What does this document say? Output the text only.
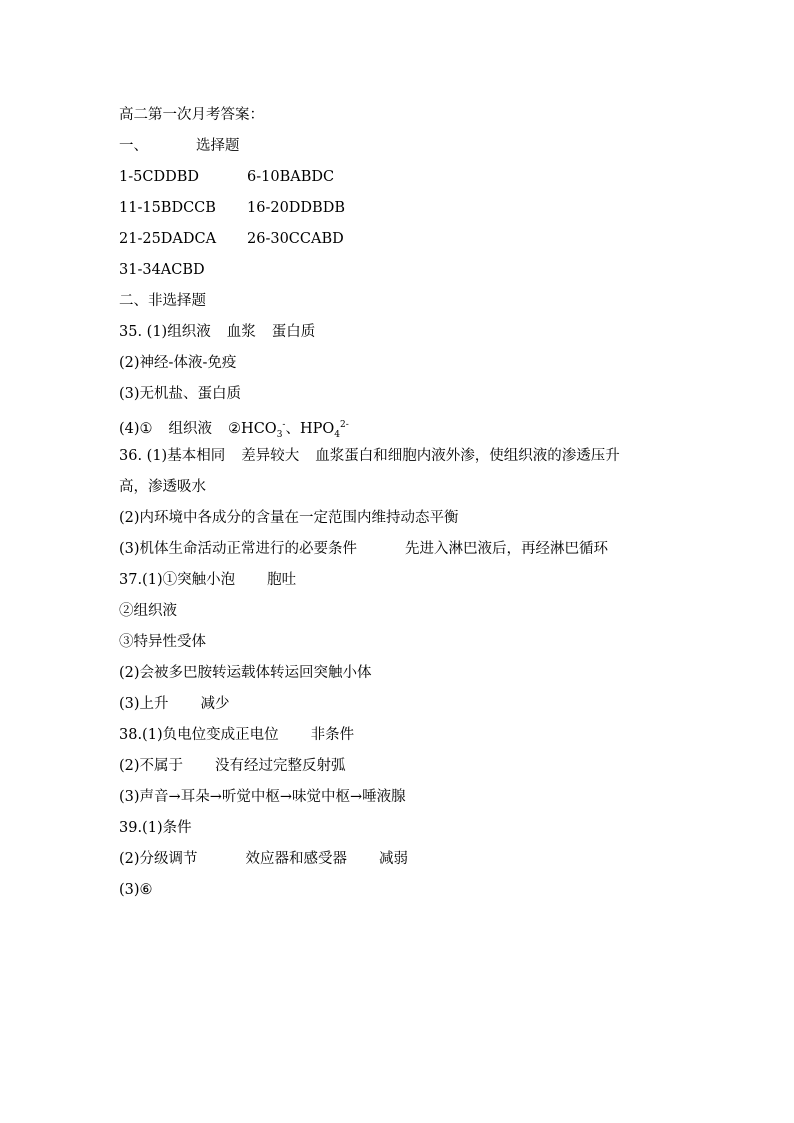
高二第一次月考答案：
一、	选择题
1-5CDDBD	6-10BABDC
11-15BDCCB 16-20DDBDB
21-25DADCA 26-30CCABD
31-34ACBD
二、非选择题
35. (1)组织液 血浆 蛋白质
(2)神经-体液-免疫
(3)无机盐、蛋白质
(4)① 组织液 $②HCO_3^-$、$HPO_4^{2-}$
36. (1)基本相同 差异较大 血浆蛋白和细胞内液外渗，使组织液的渗透压升
高，渗透吸水
(2)内环境中各成分的含量在一定范围内维持动态平衡
(3)机体生命活动正常进行的必要条件	先进入淋巴液后，再经淋巴循环
37.(1)①突触小泡 胞吐
②组织液
③特异性受体
(2)会被多巴胺转运载体转运回突触小体
(3)上升 减少
38.(1)负电位变成正电位 非条件
(2)不属于 没有经过完整反射弧
(3)声音→耳朵→听觉中枢→味觉中枢→唾液腺
39.(1)条件
(2)分级调节	效应器和感受器 减弱
(3)⑥
